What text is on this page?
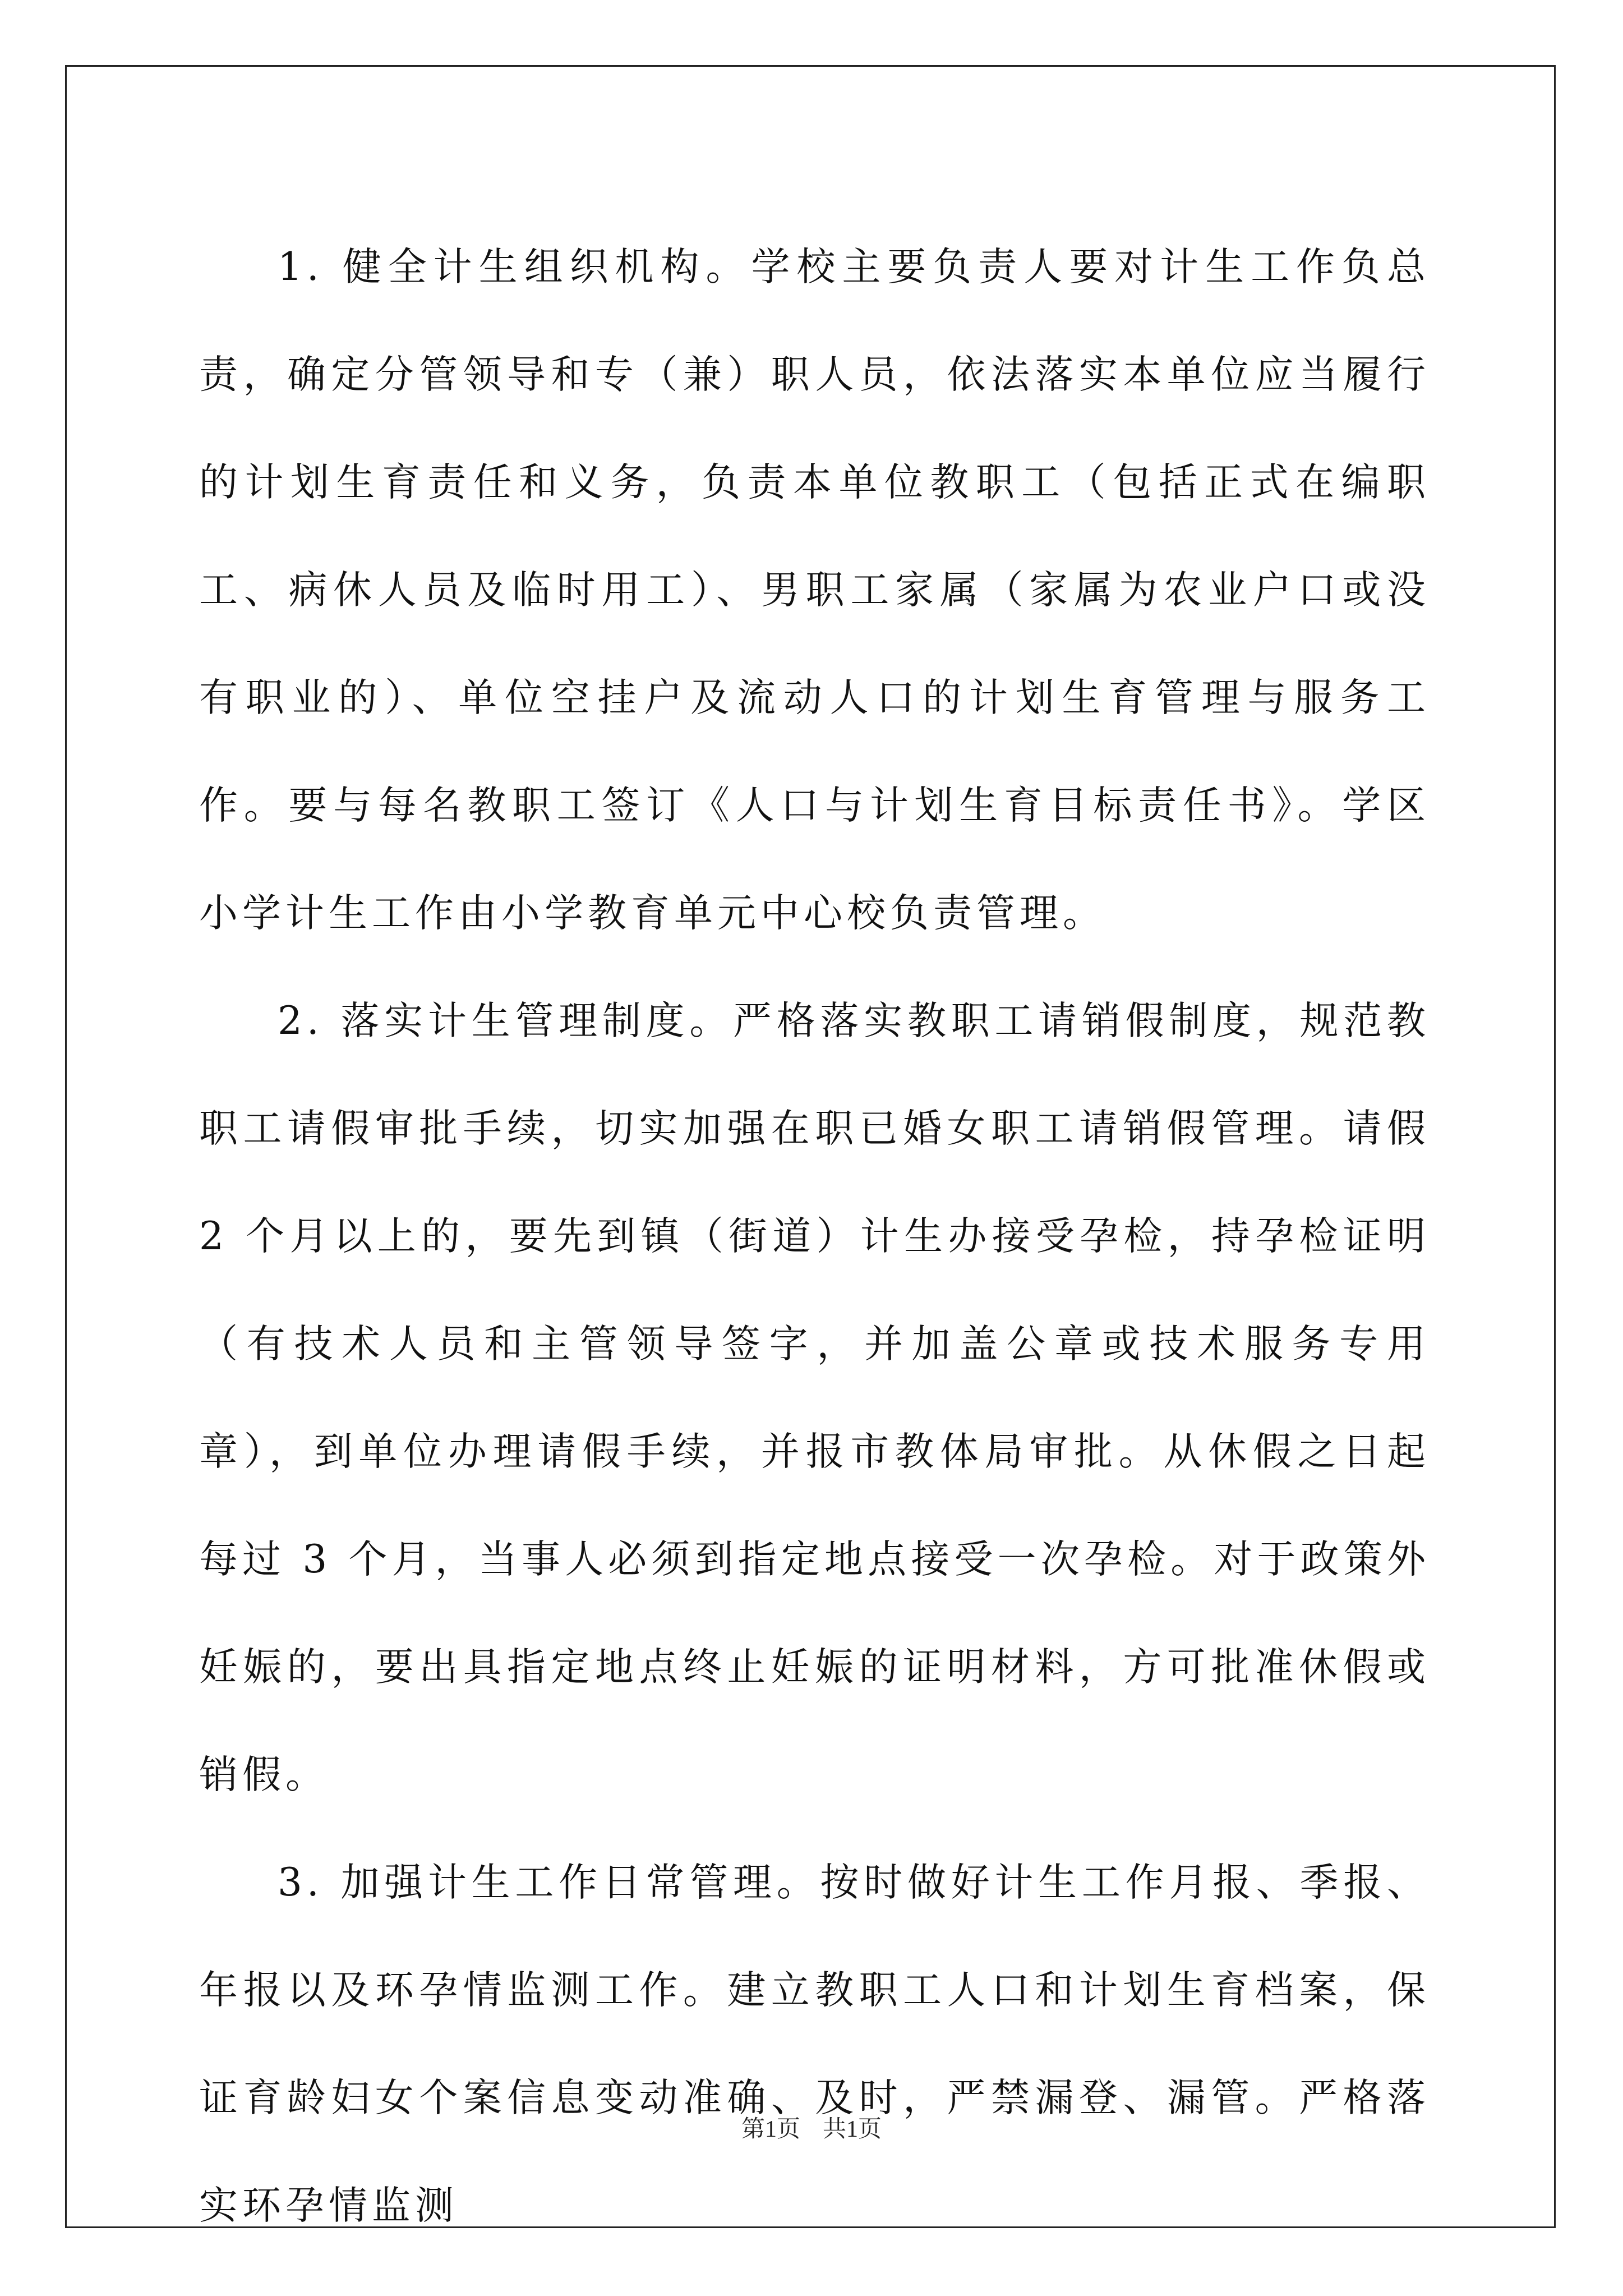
1. 健全计生组织机构。学校主要负责人要对计生工作负总责，确定分管领导和专（兼）职人员，依法落实本单位应当履行的计划生育责任和义务，负责本单位教职工（包括正式在编职工、病休人员及临时用工）、男职工家属（家属为农业户口或没有职业的）、单位空挂户及流动人口的计划生育管理与服务工作。要与每名教职工签订《人口与计划生育目标责任书》。学区小学计生工作由小学教育单元中心校负责管理。

2. 落实计生管理制度。严格落实教职工请销假制度，规范教职工请假审批手续，切实加强在职已婚女职工请销假管理。请假 2 个月以上的，要先到镇（街道）计生办接受孕检，持孕检证明（有技术人员和主管领导签字，并加盖公章或技术服务专用章），到单位办理请假手续，并报市教体局审批。从休假之日起每过 3 个月，当事人必须到指定地点接受一次孕检。对于政策外妊娠的，要出具指定地点终止妊娠的证明材料，方可批准休假或销假。

3. 加强计生工作日常管理。按时做好计生工作月报、季报、年报以及环孕情监测工作。建立教职工人口和计划生育档案，保证育龄妇女个案信息变动准确、及时，严禁漏登、漏管。严格落实环孕情监测

第1页 共1页
